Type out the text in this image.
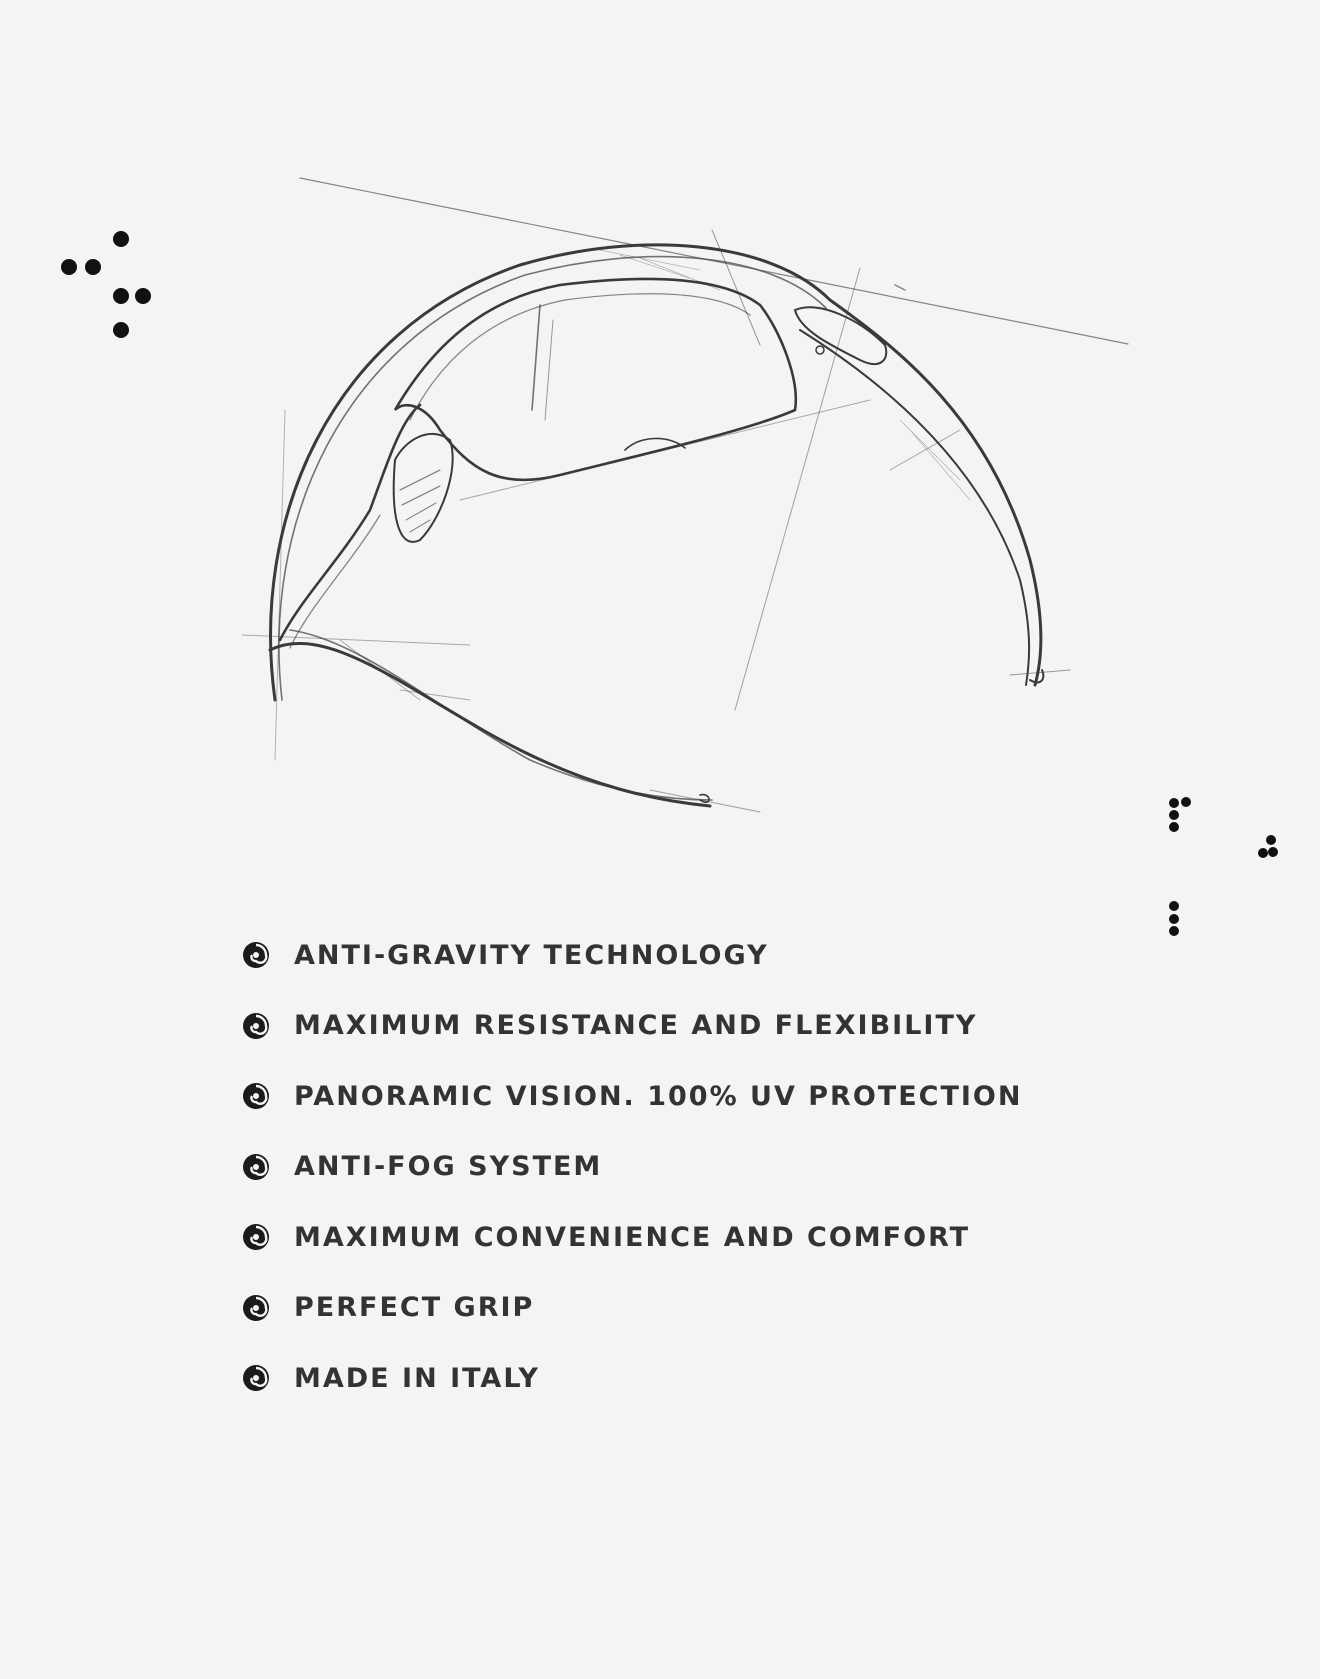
ANTI-GRAVITY TECHNOLOGY
MAXIMUM RESISTANCE AND FLEXIBILITY
PANORAMIC VISION. 100% UV PROTECTION
ANTI-FOG SYSTEM
MAXIMUM CONVENIENCE AND COMFORT
PERFECT GRIP
MADE IN ITALY
